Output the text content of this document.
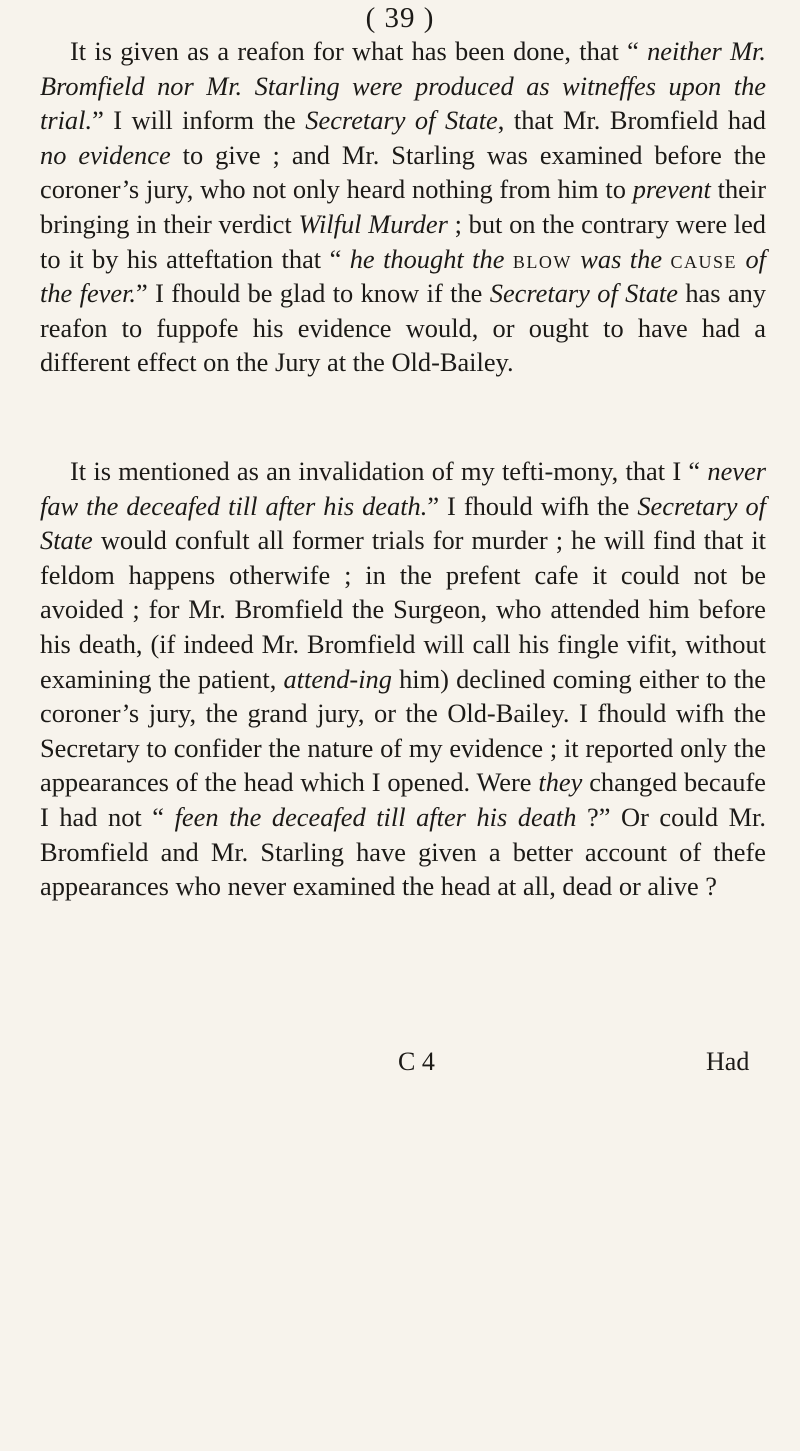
( 39 )

It is given as a reafon for what has been done, that “ neither Mr. Bromfield nor Mr. Starling were produced as witneffes upon the trial.” I will inform the Secretary of State, that Mr. Bromfield had no evidence to give ; and Mr. Starling was examined before the coroner’s jury, who not only heard nothing from him to prevent their bringing in their verdict Wilful Murder ; but on the contrary were led to it by his atteftation that “ he thought the blow was the cause of the fever.” I fhould be glad to know if the Secretary of State has any reafon to fuppofe his evidence would, or ought to have had a different effect on the Jury at the Old-Bailey.

It is mentioned as an invalidation of my tefti-mony, that I “ never faw the deceafed till after his death.” I fhould wifh the Secretary of State would confult all former trials for murder ; he will find that it feldom happens otherwife ; in the prefent cafe it could not be avoided ; for Mr. Bromfield the Surgeon, who attended him before his death, (if indeed Mr. Bromfield will call his fingle vifit, without examining the patient, attend-ing him) declined coming either to the coroner’s jury, the grand jury, or the Old-Bailey. I fhould wifh the Secretary to confider the nature of my evidence ; it reported only the appearances of the head which I opened. Were they changed becaufe I had not “ feen the deceafed till after his death ?” Or could Mr. Bromfield and Mr. Starling have given a better account of thefe appearances who never examined the head at all, dead or alive ?

C 4	Had
